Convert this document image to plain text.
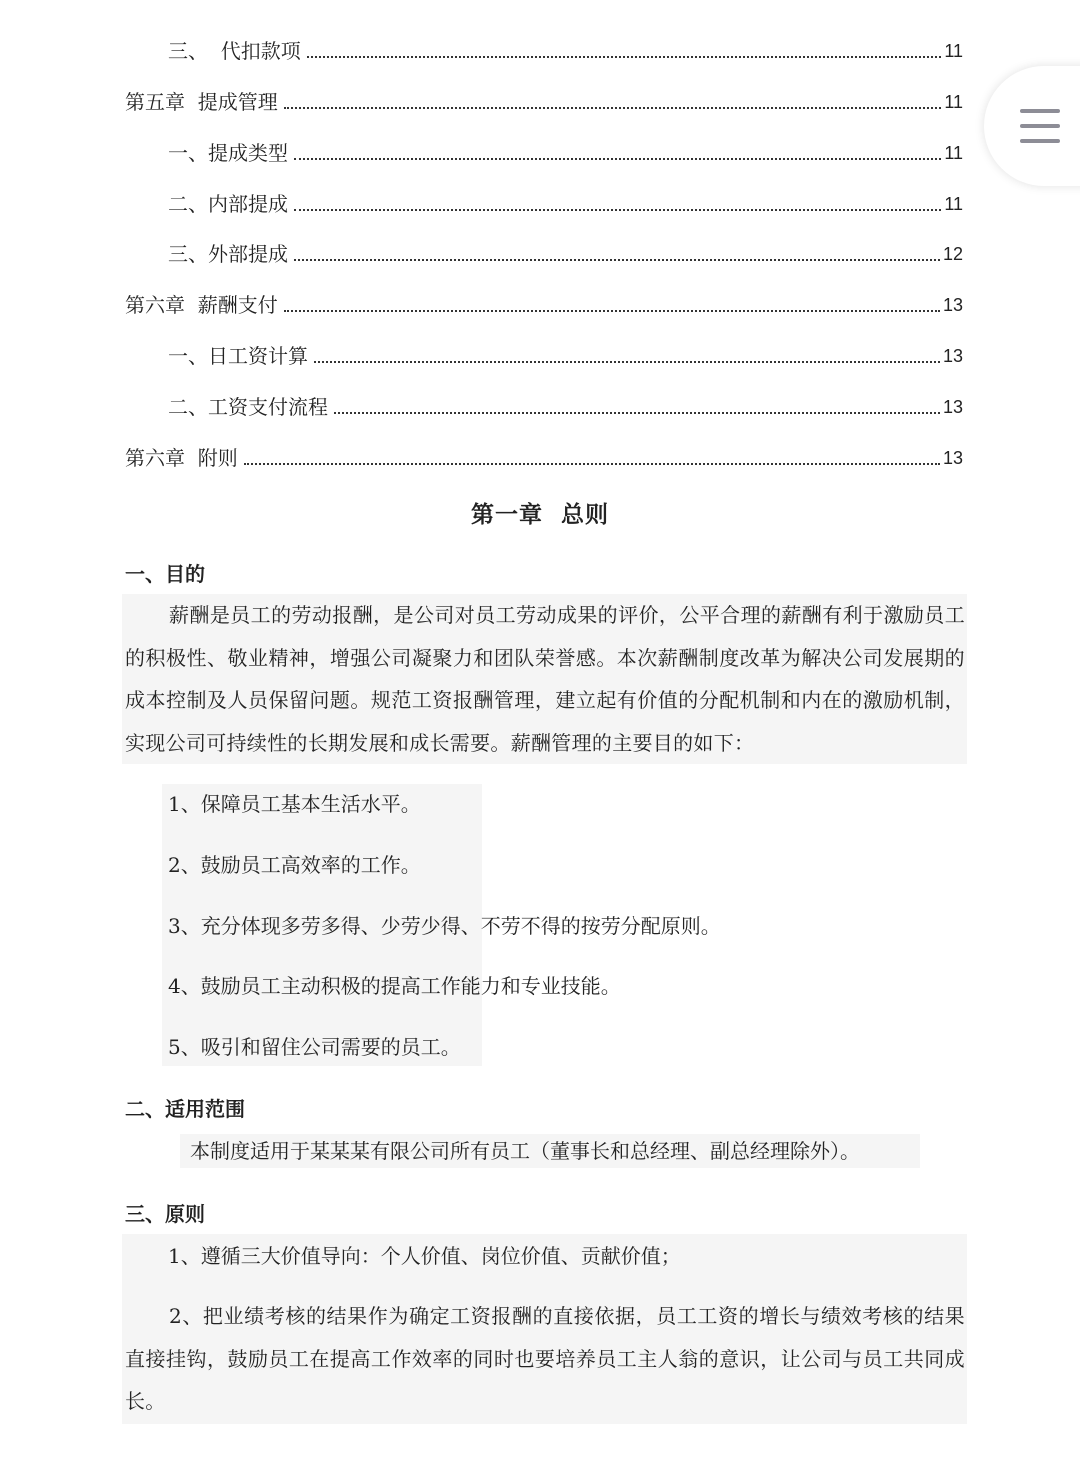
三、  代扣款项	11
第五章  提成管理	11
一、提成类型	11
二、内部提成	11
三、外部提成	12
第六章  薪酬支付	13
一、日工资计算	13
二、工资支付流程	13
第六章  附则	13
第一章  总则
一、目的
薪酬是员工的劳动报酬，是公司对员工劳动成果的评价，公平合理的薪酬有利于激励员工的积极性、敬业精神，增强公司凝聚力和团队荣誉感。本次薪酬制度改革为解决公司发展期的成本控制及人员保留问题。规范工资报酬管理，建立起有价值的分配机制和内在的激励机制，实现公司可持续性的长期发展和成长需要。薪酬管理的主要目的如下：
1、保障员工基本生活水平。
2、鼓励员工高效率的工作。
3、充分体现多劳多得、少劳少得、不劳不得的按劳分配原则。
4、鼓励员工主动积极的提高工作能力和专业技能。
5、吸引和留住公司需要的员工。
二、适用范围
本制度适用于某某某有限公司所有员工（董事长和总经理、副总经理除外）。
三、原则
1、遵循三大价值导向：个人价值、岗位价值、贡献价值；
2、把业绩考核的结果作为确定工资报酬的直接依据，员工工资的增长与绩效考核的结果直接挂钩，鼓励员工在提高工作效率的同时也要培养员工主人翁的意识，让公司与员工共同成长。
